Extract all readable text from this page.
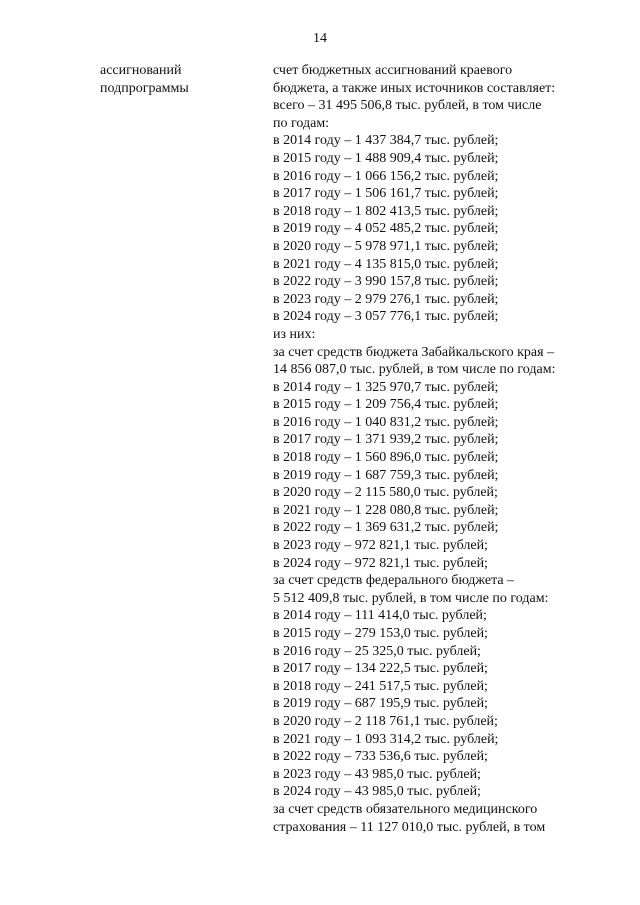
14
ассигнований
подпрограммы
счет бюджетных ассигнований краевого
бюджета, а также иных источников составляет:
всего – 31 495 506,8 тыс. рублей, в том числе
по годам:
в 2014 году – 1 437 384,7 тыс. рублей;
в 2015 году – 1 488 909,4 тыс. рублей;
в 2016 году – 1 066 156,2 тыс. рублей;
в 2017 году – 1 506 161,7 тыс. рублей;
в 2018 году – 1 802 413,5 тыс. рублей;
в 2019 году – 4 052 485,2 тыс. рублей;
в 2020 году – 5 978 971,1 тыс. рублей;
в 2021 году – 4 135 815,0 тыс. рублей;
в 2022 году – 3 990 157,8 тыс. рублей;
в 2023 году – 2 979 276,1 тыс. рублей;
в 2024 году – 3 057 776,1 тыс. рублей;
из них:
за счет средств бюджета Забайкальского края –
14 856 087,0 тыс. рублей, в том числе по годам:
в 2014 году – 1 325 970,7 тыс. рублей;
в 2015 году – 1 209 756,4 тыс. рублей;
в 2016 году – 1 040 831,2 тыс. рублей;
в 2017 году – 1 371 939,2 тыс. рублей;
в 2018 году – 1 560 896,0 тыс. рублей;
в 2019 году – 1 687 759,3 тыс. рублей;
в 2020 году – 2 115 580,0 тыс. рублей;
в 2021 году – 1 228 080,8 тыс. рублей;
в 2022 году – 1 369 631,2 тыс. рублей;
в 2023 году – 972 821,1 тыс. рублей;
в 2024 году – 972 821,1 тыс. рублей;
за счет средств федерального бюджета –
5 512 409,8 тыс. рублей, в том числе по годам:
в 2014 году – 111 414,0 тыс. рублей;
в 2015 году – 279 153,0 тыс. рублей;
в 2016 году – 25 325,0 тыс. рублей;
в 2017 году – 134 222,5 тыс. рублей;
в 2018 году – 241 517,5 тыс. рублей;
в 2019 году – 687 195,9 тыс. рублей;
в 2020 году – 2 118 761,1 тыс. рублей;
в 2021 году – 1 093 314,2 тыс. рублей;
в 2022 году – 733 536,6 тыс. рублей;
в 2023 году – 43 985,0 тыс. рублей;
в 2024 году – 43 985,0 тыс. рублей;
за счет средств обязательного медицинского
страхования – 11 127 010,0 тыс. рублей, в том
